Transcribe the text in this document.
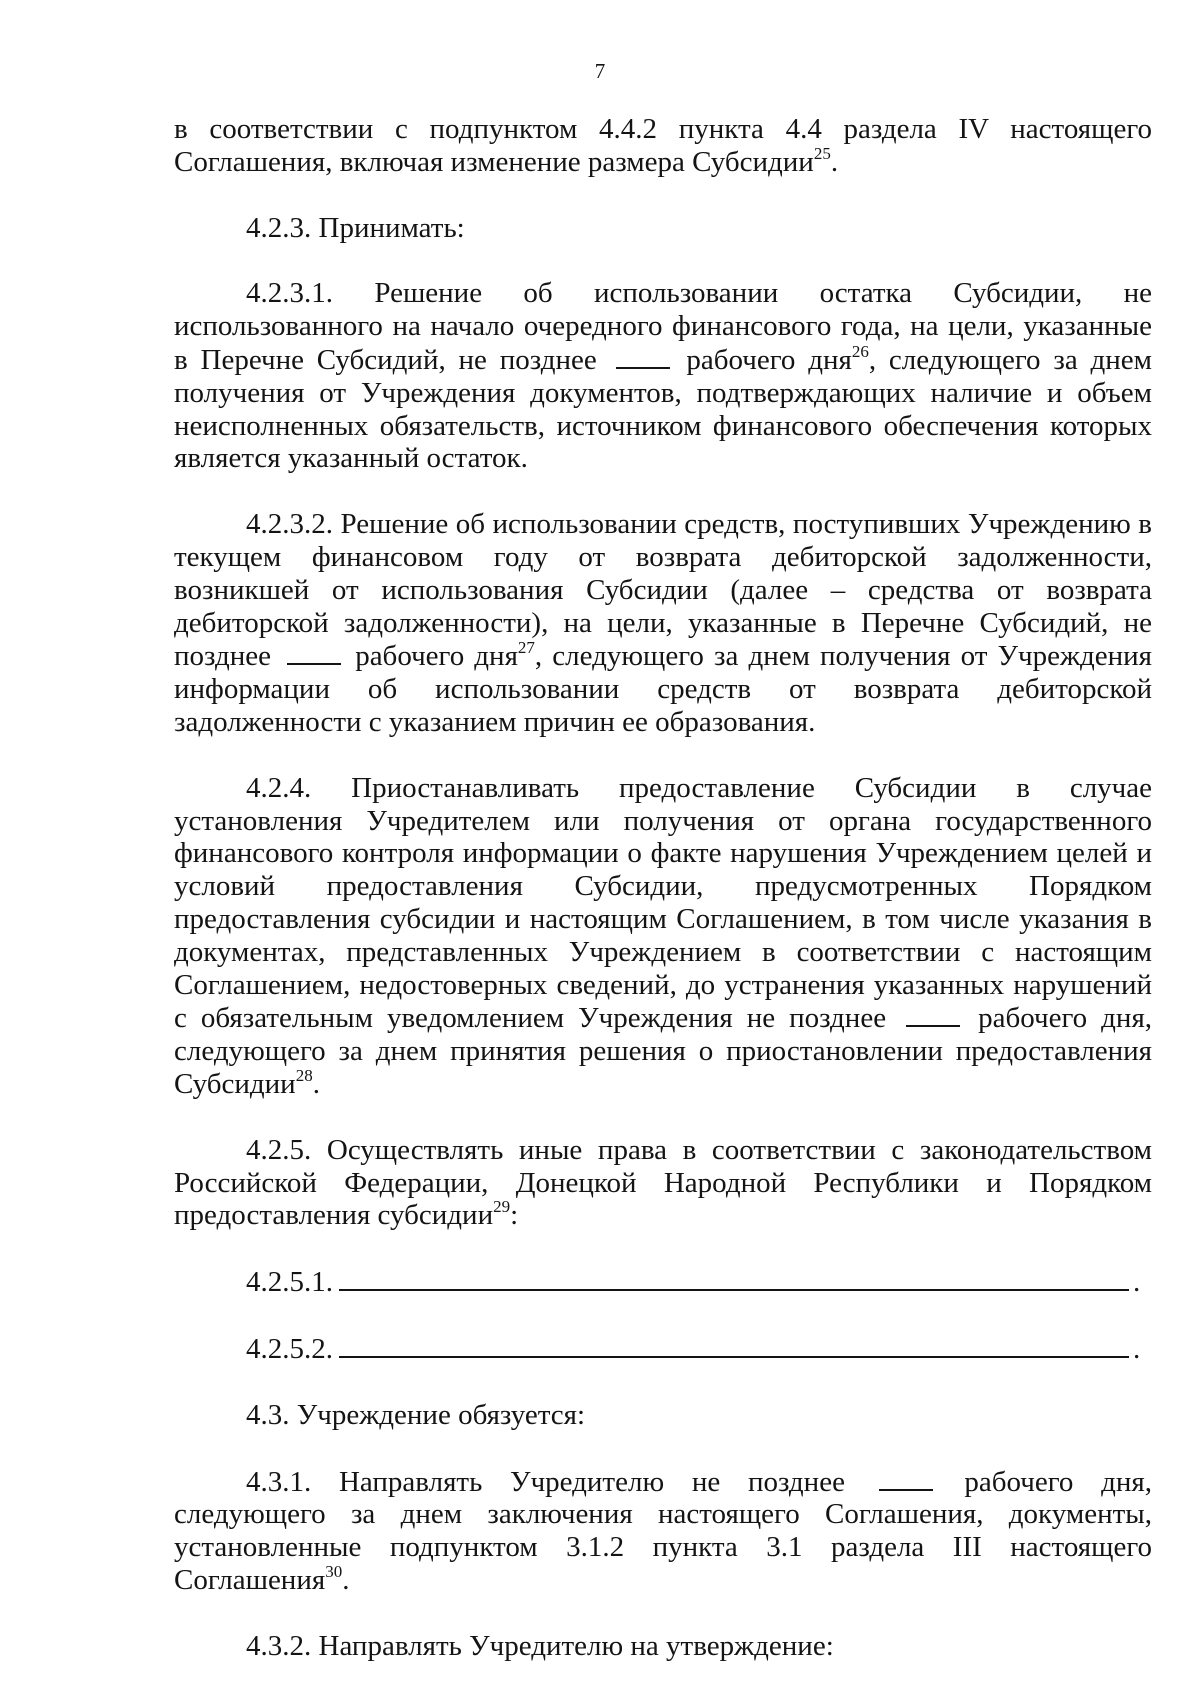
7

в соответствии с подпунктом 4.4.2 пункта 4.4 раздела IV настоящего Соглашения, включая изменение размера Субсидии$^{25}$.

4.2.3. Принимать:

4.2.3.1. Решение об использовании остатка Субсидии, не использованного на начало очередного финансового года, на цели, указанные в Перечне Субсидий, не позднее	рабочего дня$^{26}$, следующего за днем получения от Учреждения документов, подтверждающих наличие и объем неисполненных обязательств, источником финансового обеспечения которых является указанный остаток.

4.2.3.2. Решение об использовании средств, поступивших Учреждению в текущем финансовом году от возврата дебиторской задолженности, возникшей от использования Субсидии (далее – средства от возврата дебиторской задолженности), на цели, указанные в Перечне Субсидий, не позднее	рабочего дня$^{27}$, следующего за днем получения от Учреждения информации об использовании средств от возврата дебиторской задолженности с указанием причин ее образования.

4.2.4. Приостанавливать предоставление Субсидии в случае установления Учредителем или получения от органа государственного финансового контроля информации о факте нарушения Учреждением целей и условий предоставления Субсидии, предусмотренных Порядком предоставления субсидии и настоящим Соглашением, в том числе указания в документах, представленных Учреждением в соответствии с настоящим Соглашением, недостоверных сведений, до устранения указанных нарушений с обязательным уведомлением Учреждения не позднее	рабочего дня, следующего за днем принятия решения о приостановлении предоставления Субсидии$^{28}$.

4.2.5. Осуществлять иные права в соответствии с законодательством Российской Федерации, Донецкой Народной Республики и Порядком предоставления субсидии$^{29}$:

4.2.5.1.	.

4.2.5.2.	.

4.3. Учреждение обязуется:

4.3.1. Направлять Учредителю не позднее	рабочего дня, следующего за днем заключения настоящего Соглашения, документы, установленные подпунктом 3.1.2 пункта 3.1 раздела III настоящего Соглашения$^{30}$.

4.3.2. Направлять Учредителю на утверждение:
